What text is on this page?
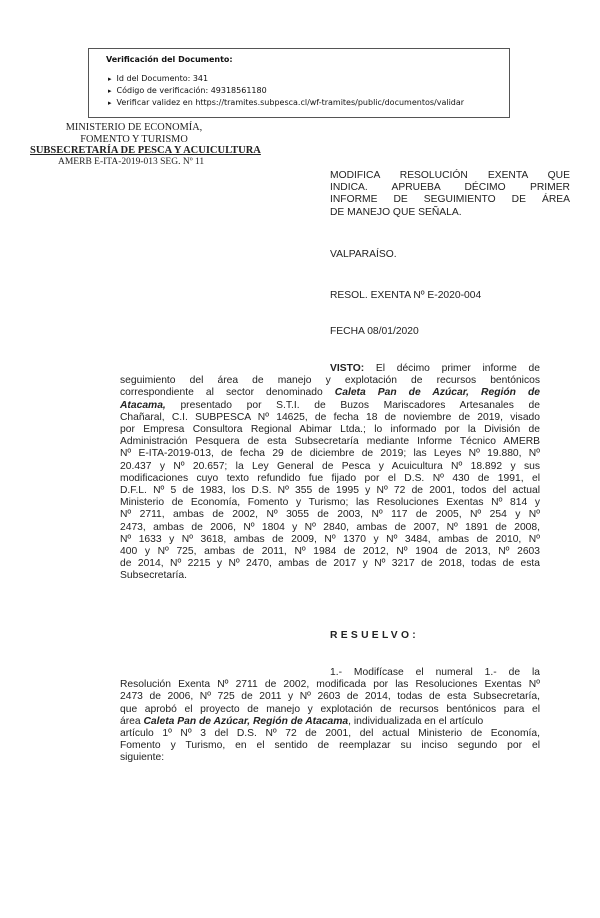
Verificación del Documento:
▸ Id del Documento: 341
▸ Código de verificación: 49318561180
▸ Verificar validez en https://tramites.subpesca.cl/wf-tramites/public/documentos/validar
MINISTERIO DE ECONOMÍA,
FOMENTO Y TURISMO
SUBSECRETARÍA DE PESCA Y ACUICULTURA
AMERB E-ITA-2019-013 SEG. Nº 11
MODIFICA RESOLUCIÓN EXENTA QUE
INDICA. APRUEBA DÉCIMO PRIMER
INFORME DE SEGUIMIENTO DE ÁREA
DE MANEJO QUE SEÑALA.
VALPARAÍSO.
RESOL. EXENTA Nº E-2020-004
FECHA 08/01/2020
VISTO: El décimo primer informe de
seguimiento del área de manejo y explotación de recursos bentónicos
correspondiente al sector denominado Caleta Pan de Azúcar, Región de
Atacama, presentado por S.T.I. de Buzos Mariscadores Artesanales de
Chañaral, C.I. SUBPESCA Nº 14625, de fecha 18 de noviembre de 2019, visado
por Empresa Consultora Regional Abimar Ltda.; lo informado por la División de
Administración Pesquera de esta Subsecretaría mediante Informe Técnico AMERB
Nº E-ITA-2019-013, de fecha 29 de diciembre de 2019; las Leyes Nº 19.880, Nº
20.437 y Nº 20.657; la Ley General de Pesca y Acuicultura Nº 18.892 y sus
modificaciones cuyo texto refundido fue fijado por el D.S. Nº 430 de 1991, el
D.F.L. Nº 5 de 1983, los D.S. Nº 355 de 1995 y Nº 72 de 2001, todos del actual
Ministerio de Economía, Fomento y Turismo; las Resoluciones Exentas Nº 814 y
Nº 2711, ambas de 2002, Nº 3055 de 2003, Nº 117 de 2005, Nº 254 y Nº
2473, ambas de 2006, Nº 1804 y Nº 2840, ambas de 2007, Nº 1891 de 2008,
Nº 1633 y Nº 3618, ambas de 2009, Nº 1370 y Nº 3484, ambas de 2010, Nº
400 y Nº 725, ambas de 2011, Nº 1984 de 2012, Nº 1904 de 2013, Nº 2603
de 2014, Nº 2215 y Nº 2470, ambas de 2017 y Nº 3217 de 2018, todas de esta
Subsecretaría.
RESUELVO:
1.- Modifícase el numeral 1.- de la
Resolución Exenta Nº 2711 de 2002, modificada por las Resoluciones Exentas Nº
2473 de 2006, Nº 725 de 2011 y Nº 2603 de 2014, todas de esta Subsecretaría,
que aprobó el proyecto de manejo y explotación de recursos bentónicos para el
área Caleta Pan de Azúcar, Región de Atacama, individualizada en el artículo
artículo 1º Nº 3 del D.S. Nº 72 de 2001, del actual Ministerio de Economía,
Fomento y Turismo, en el sentido de reemplazar su inciso segundo por el
siguiente:
